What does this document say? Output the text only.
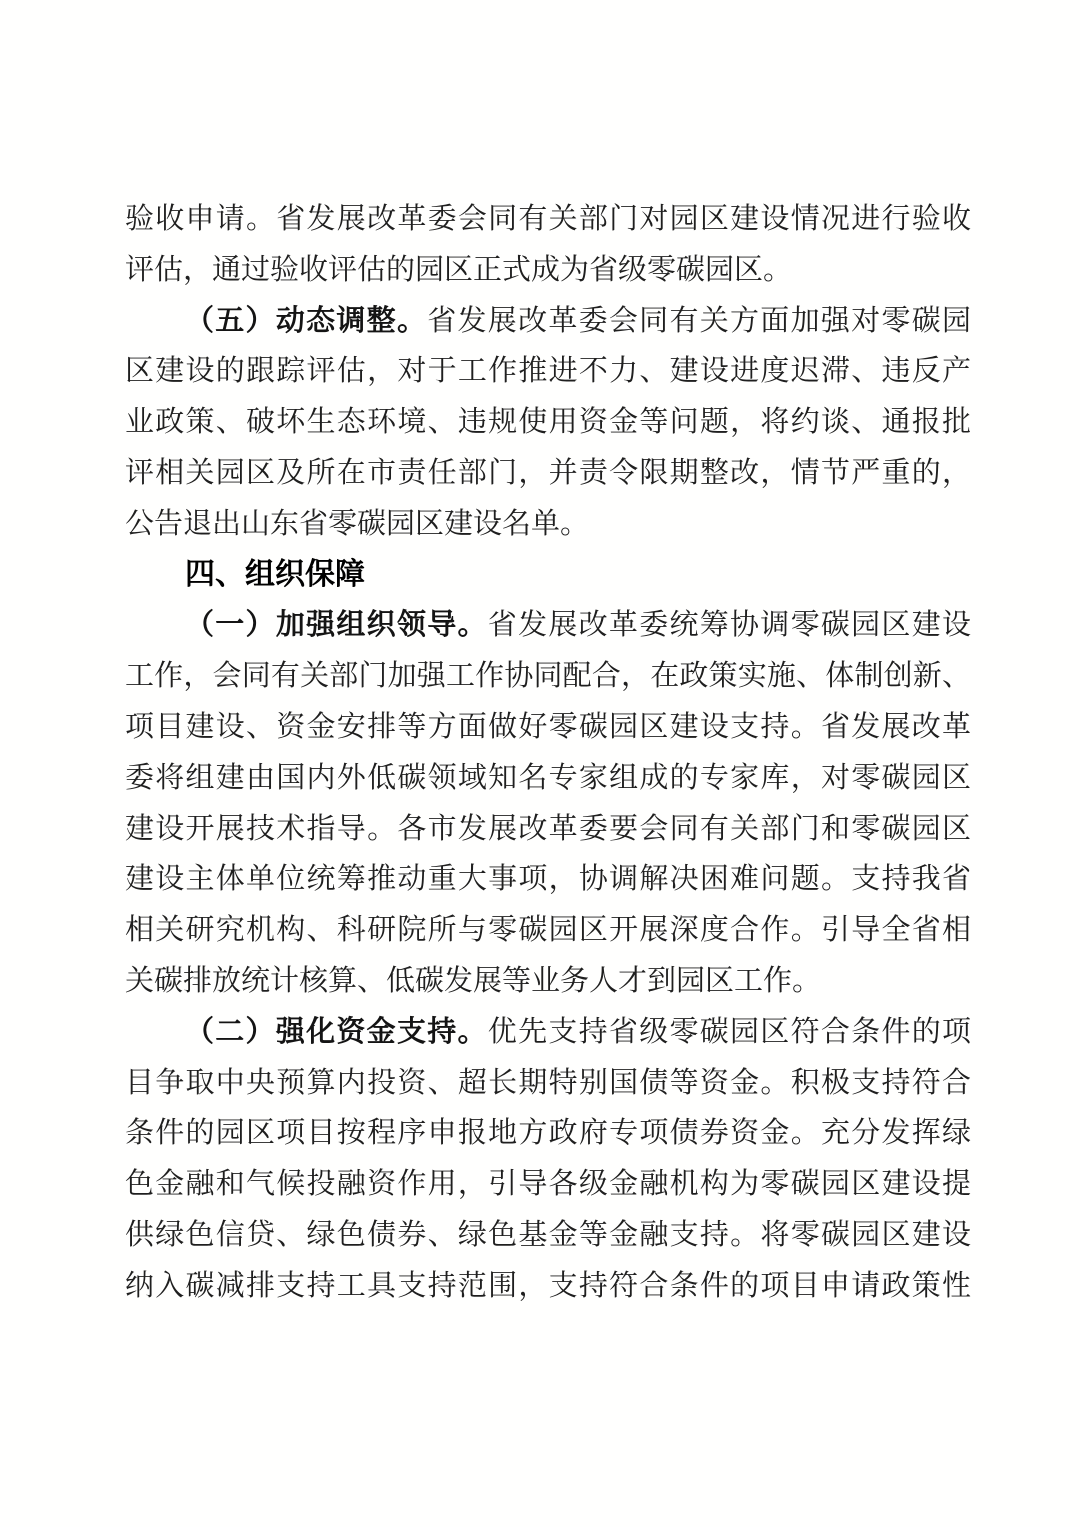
验收申请。省发展改革委会同有关部门对园区建设情况进行验收
评估，通过验收评估的园区正式成为省级零碳园区。
（五）动态调整。省发展改革委会同有关方面加强对零碳园
区建设的跟踪评估，对于工作推进不力、建设进度迟滞、违反产
业政策、破坏生态环境、违规使用资金等问题，将约谈、通报批
评相关园区及所在市责任部门，并责令限期整改，情节严重的，
公告退出山东省零碳园区建设名单。
四、组织保障
（一）加强组织领导。省发展改革委统筹协调零碳园区建设
工作，会同有关部门加强工作协同配合，在政策实施、体制创新、
项目建设、资金安排等方面做好零碳园区建设支持。省发展改革
委将组建由国内外低碳领域知名专家组成的专家库，对零碳园区
建设开展技术指导。各市发展改革委要会同有关部门和零碳园区
建设主体单位统筹推动重大事项，协调解决困难问题。支持我省
相关研究机构、科研院所与零碳园区开展深度合作。引导全省相
关碳排放统计核算、低碳发展等业务人才到园区工作。
（二）强化资金支持。优先支持省级零碳园区符合条件的项
目争取中央预算内投资、超长期特别国债等资金。积极支持符合
条件的园区项目按程序申报地方政府专项债券资金。充分发挥绿
色金融和气候投融资作用，引导各级金融机构为零碳园区建设提
供绿色信贷、绿色债券、绿色基金等金融支持。将零碳园区建设
纳入碳减排支持工具支持范围，支持符合条件的项目申请政策性
